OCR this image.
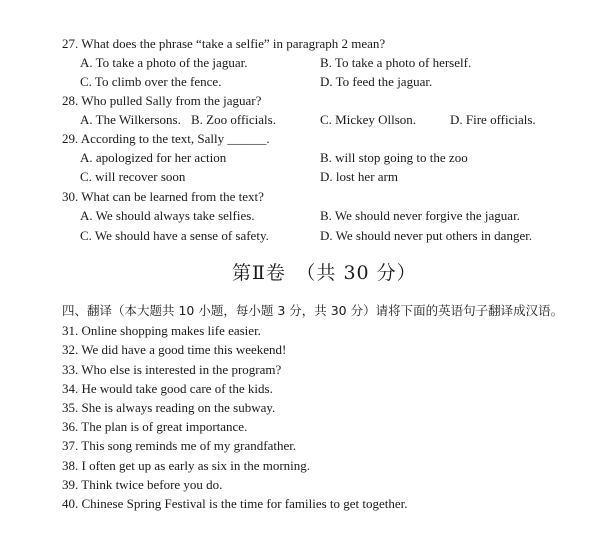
27. What does the phrase “take a selfie” in paragraph 2 mean?
A. To take a photo of the jaguar.	B. To take a photo of herself.
C. To climb over the fence.	D. To feed the jaguar.
28. Who pulled Sally from the jaguar?
A. The Wilkersons. B. Zoo officials.	C. Mickey Ollson.	D. Fire officials.
29. According to the text, Sally ______.
A. apologized for her action	B. will stop going to the zoo
C. will recover soon	D. lost her arm
30. What can be learned from the text?
A. We should always take selfies.	B. We should never forgive the jaguar.
C. We should have a sense of safety.	D. We should never put others in danger.
第Ⅱ卷　（共 30 分）
四、翻译（本大题共 10 小题，每小题 3 分，共 30 分）请将下面的英语句子翻译成汉语。
31. Online shopping makes life easier.
32. We did have a good time this weekend!
33. Who else is interested in the program?
34. He would take good care of the kids.
35. She is always reading on the subway.
36. The plan is of great importance.
37. This song reminds me of my grandfather.
38. I often get up as early as six in the morning.
39. Think twice before you do.
40. Chinese Spring Festival is the time for families to get together.
